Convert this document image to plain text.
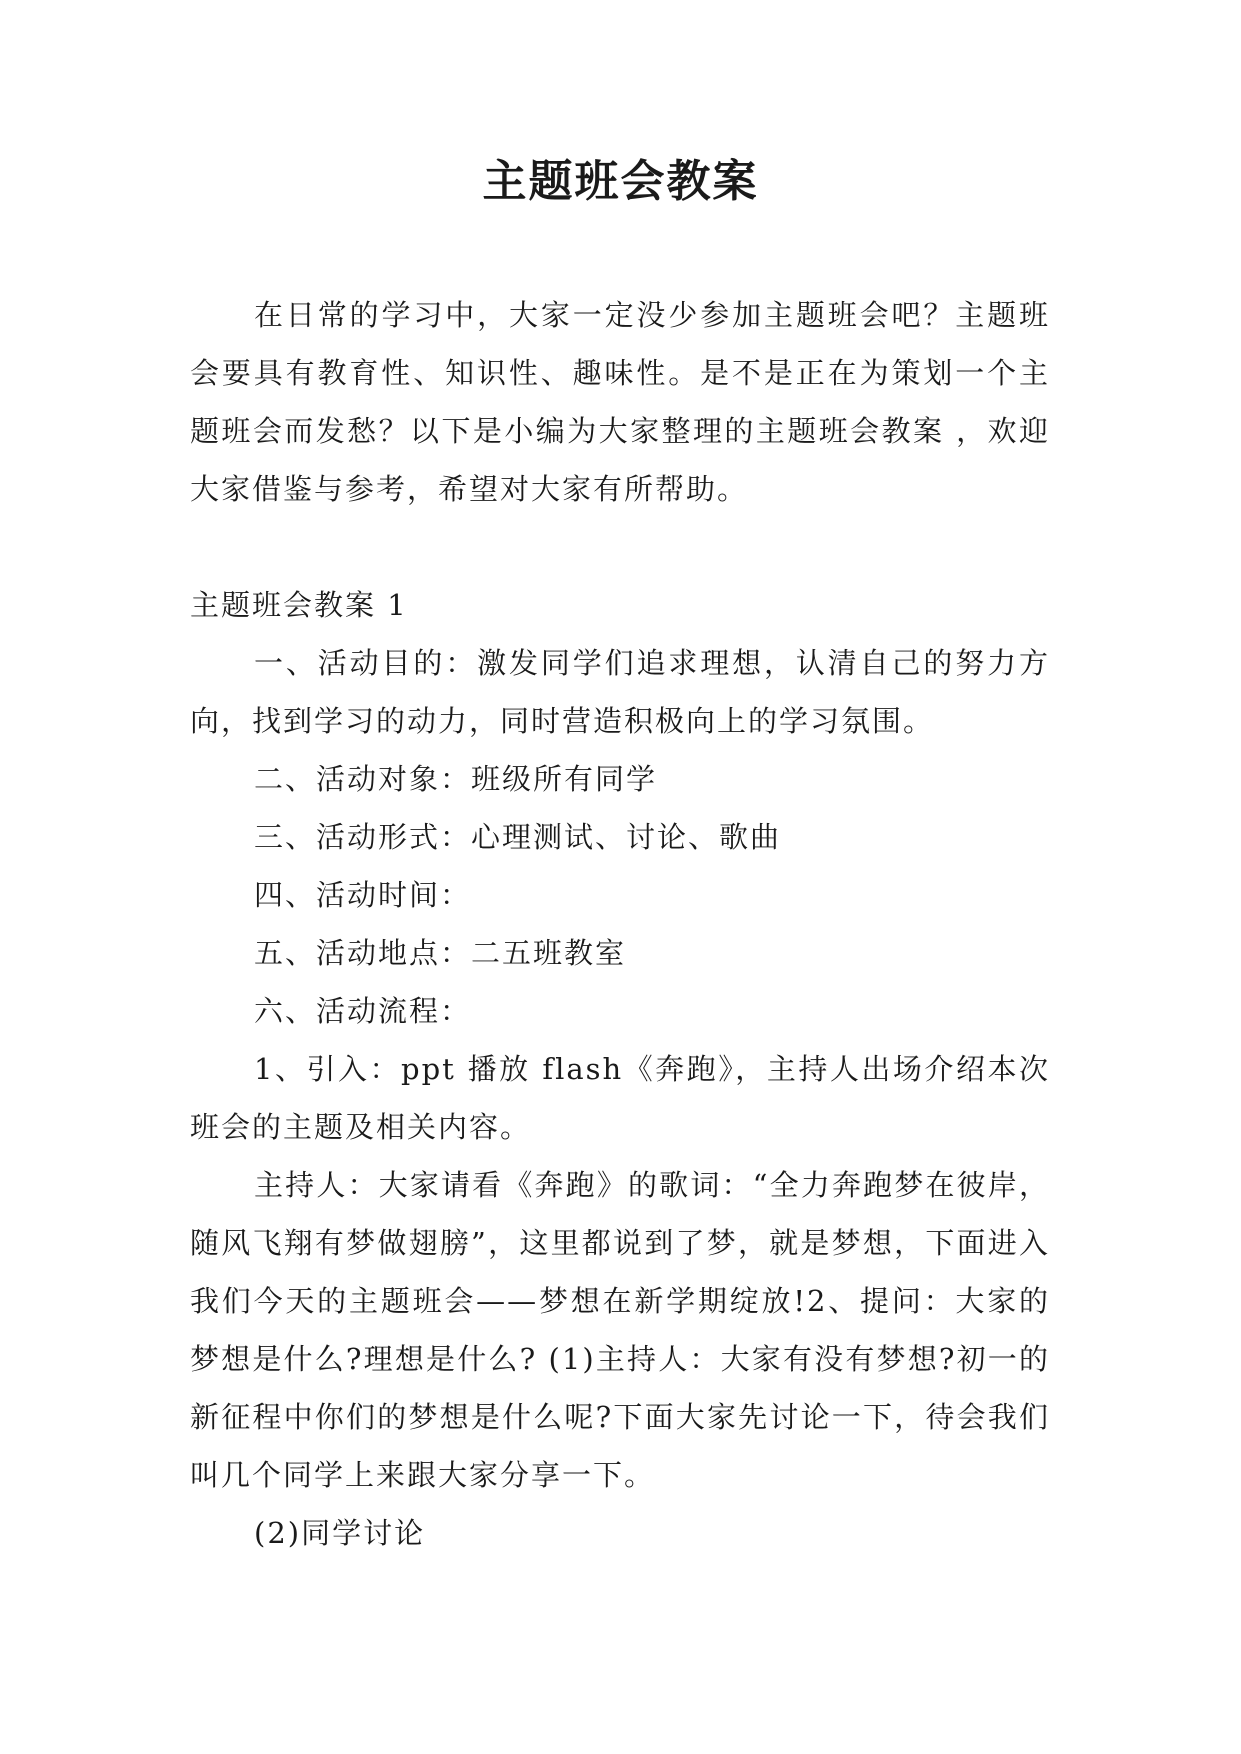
主题班会教案

在日常的学习中，大家一定没少参加主题班会吧？主题班会要具有教育性、知识性、趣味性。是不是正在为策划一个主题班会而发愁？以下是小编为大家整理的主题班会教案 ，欢迎大家借鉴与参考，希望对大家有所帮助。

主题班会教案 1

一、活动目的：激发同学们追求理想，认清自己的努力方向，找到学习的动力，同时营造积极向上的学习氛围。

二、活动对象：班级所有同学

三、活动形式：心理测试、讨论、歌曲

四、活动时间：

五、活动地点：二五班教室

六、活动流程：

1、引入：ppt 播放 flash《奔跑》，主持人出场介绍本次班会的主题及相关内容。

主持人：大家请看《奔跑》的歌词：“全力奔跑梦在彼岸，随风飞翔有梦做翅膀”，这里都说到了梦，就是梦想，下面进入我们今天的主题班会——梦想在新学期绽放!2、提问：大家的梦想是什么?理想是什么? (1)主持人：大家有没有梦想?初一的新征程中你们的梦想是什么呢?下面大家先讨论一下，待会我们叫几个同学上来跟大家分享一下。

(2)同学讨论
